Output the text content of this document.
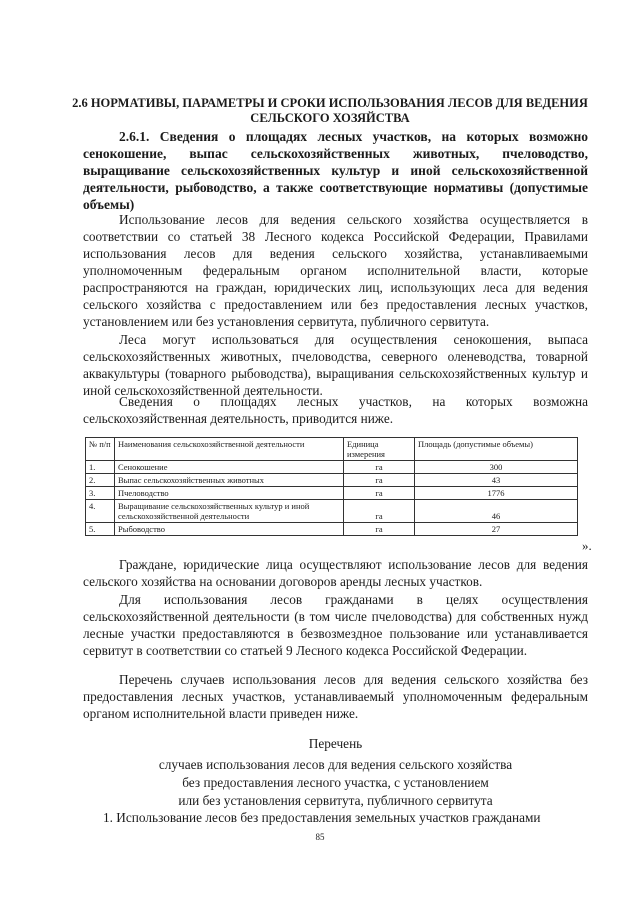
2.6 НОРМАТИВЫ, ПАРАМЕТРЫ И СРОКИ ИСПОЛЬЗОВАНИЯ ЛЕСОВ ДЛЯ ВЕДЕНИЯ СЕЛЬСКОГО ХОЗЯЙСТВА
2.6.1. Сведения о площадях лесных участков, на которых возможно сенокошение, выпас сельскохозяйственных животных, пчеловодство, выращивание сельскохозяйственных культур и иной сельскохозяйственной деятельности, рыбоводство, а также соответствующие нормативы (допустимые объемы)
Использование лесов для ведения сельского хозяйства осуществляется в соответствии со статьей 38 Лесного кодекса Российской Федерации, Правилами использования лесов для ведения сельского хозяйства, устанавливаемыми уполномоченным федеральным органом исполнительной власти, которые распространяются на граждан, юридических лиц, использующих леса для ведения сельского хозяйства с предоставлением или без предоставления лесных участков, установлением или без установления сервитута, публичного сервитута.
Леса могут использоваться для осуществления сенокошения, выпаса сельскохозяйственных животных, пчеловодства, северного оленеводства, товарной аквакультуры (товарного рыбоводства), выращивания сельскохозяйственных культур и иной сельскохозяйственной деятельности.
Сведения о площадях лесных участков, на которых возможна сельскохозяйственная деятельность, приводится ниже.
№ п/п	Наименования сельскохозяйственной деятельности	Единица измерения	Площадь (допустимые объемы)
1.	Сенокошение	га	300
2.	Выпас сельскохозяйственных животных	га	43
3.	Пчеловодство	га	1776
4.	Выращивание сельскохозяйственных культур и иной сельскохозяйственной деятельности	га	46
5.	Рыбоводство	га	27
».
Граждане, юридические лица осуществляют использование лесов для ведения сельского хозяйства на основании договоров аренды лесных участков.
Для использования лесов гражданами в целях осуществления сельскохозяйственной деятельности (в том числе пчеловодства) для собственных нужд лесные участки предоставляются в безвозмездное пользование или устанавливается сервитут в соответствии со статьей 9 Лесного кодекса Российской Федерации.
Перечень случаев использования лесов для ведения сельского хозяйства без предоставления лесных участков, устанавливаемый уполномоченным федеральным органом исполнительной власти приведен ниже.
Перечень
случаев использования лесов для ведения сельского хозяйства
без предоставления лесного участка, с установлением
или без установления сервитута, публичного сервитута
1. Использование лесов без предоставления земельных участков гражданами
85
